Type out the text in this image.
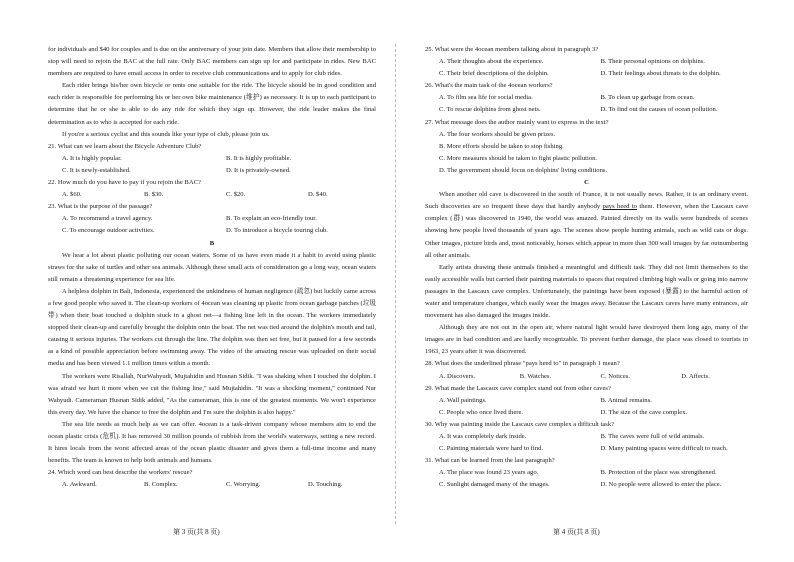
for individuals and $40 for couples and is due on the anniversary of your join date. Members that allow their membership to stop will need to rejoin the BAC at the full rate. Only BAC members can sign up for and participate in rides. New BAC members are required to have email access in order to receive club communications and to apply for club rides.
Each rider brings his/her own bicycle or rents one suitable for the ride. The bicycle should be in good condition and each rider is responsible for performing his or her own bike maintenance (维护) as necessary. It is up to each participant to determine that he or she is able to do any ride for which they sign up. However, the ride leader makes the final determination as to who is accepted for each ride.
If you're a serious cyclist and this sounds like your type of club, please join us.
21. What can we learn about the Bicycle Adventure Club?
A. It is highly popular.	B. It is highly profitable.
C. It is newly-established.	D. It is privately-owned.
22. How much do you have to pay if you rejoin the BAC?
A. $60.	B. $30.	C. $20.	D. $40.
23. What is the purpose of the passage?
A. To recommend a travel agency.	B. To explain an eco-friendly tour.
C. To encourage outdoor activities.	D. To introduce a bicycle touring club.
B
We hear a lot about plastic polluting our ocean waters. Some of us have even made it a habit to avoid using plastic straws for the sake of turtles and other sea animals. Although these small acts of consideration go a long way, ocean waters still remain a threatening experience for sea life.
A helpless dolphin in Bali, Indonesia, experienced the unkindness of human negligence (疏忽) but luckily came across a few good people who saved it. The clean-up workers of 4ocean was cleaning up plastic from ocean garbage patches (垃圾带) when their boat touched a dolphin stuck in a ghost net—a fishing line left in the ocean. The workers immediately stopped their clean-up and carefully brought the dolphin onto the boat. The net was tied around the dolphin's mouth and tail, causing it serious injuries. The workers cut through the line. The dolphin was then set free, but it paused for a few seconds as a kind of possible appreciation before swimming away. The video of the amazing rescue was uploaded on their social media and has been viewed 1.1 million times within a month.
The workers were Risallah, NurWahyudi, Mujtahidin and Husnan Sidik. "I was shaking when I touched the dolphin. I was afraid we hurt it more when we cut the fishing line," said Mujtahidin. "It was a shocking moment," continued Nur Wahyudi. Cameraman Husnan Sidik added, "As the cameraman, this is one of the greatest moments. We won't experience this every day. We have the chance to free the dolphin and I'm sure the dolphin is also happy."
The sea life needs as much help as we can offer. 4ocean is a task-driven company whose members aim to end the ocean plastic crisis (危机). It has removed 30 million pounds of rubbish from the world's waterways, setting a new record. It hires locals from the worst affected areas of the ocean plastic disaster and gives them a full-time income and many benefits. The team is known to help both animals and humans.
24. Which word can best describe the workers' rescue?
A. Awkward.	B. Complex.	C. Worrying.	D. Touching.
25. What were the 4ocean members talking about in paragraph 3?
A. Their thoughts about the experience.	B. Their personal opinions on dolphins.
C. Their brief descriptions of the dolphin.	D. Their feelings about threats to the dolphin.
26. What's the main task of the 4ocean workers?
A. To film sea life for social media.	B. To clean up garbage from ocean.
C. To rescue dolphins from ghost nets.	D. To find out the causes of ocean pollution.
27. What message does the author mainly want to express in the text?
A. The four workers should be given prizes.
B. More efforts should be taken to stop fishing.
C. More measures should be taken to fight plastic pollution.
D. The government should focus on dolphins' living conditions.
C
When another old cave is discovered in the south of France, it is not usually news. Rather, it is an ordinary event. Such discoveries are so frequent these days that hardly anybody pays heed to them. However, when the Lascaux cave complex (群) was discovered in 1940, the world was amazed. Painted directly on its walls were hundreds of scenes showing how people lived thousands of years ago. The scenes show people hunting animals, such as wild cats or dogs. Other images, picture birds and, most noticeably, horses which appear in more than 300 wall images by far outnumbering all other animals.
Early artists drawing these animals finished a meaningful and difficult task. They did not limit themselves to the easily accessible walls but carried their painting materials to spaces that required climbing high walls or going into narrow passages in the Lascaux cave complex. Unfortunately, the paintings have been exposed (暴露) to the harmful action of water and temperature changes, which easily wear the images away. Because the Lascaux caves have many entrances, air movement has also damaged the images inside.
Although they are not out in the open air, where natural light would have destroyed them long ago, many of the images are in bad condition and are hardly recognizable. To prevent further damage, the place was closed to tourists in 1963, 23 years after it was discovered.
28. What does the underlined phrase "pays heed to" in paragraph 1 mean?
A. Discovers.	B. Watches.	C. Notices.	D. Affects.
29. What made the Lascaux cave complex stand out from other caves?
A. Wall paintings.	B. Animal remains.
C. People who once lived there.	D. The size of the cave complex.
30. Why was painting inside the Lascaux cave complex a difficult task?
A. It was completely dark inside.	B. The caves were full of wild animals.
C. Painting materials were hard to find.	D. Many painting spaces were difficult to reach.
31. What can be learned from the last paragraph?
A. The place was found 23 years ago.	B. Protection of the place was strengthened.
C. Sunlight damaged many of the images.	D. No people were allowed to enter the place.
第 3 页(共 8 页)	第 4 页(共 8 页)
